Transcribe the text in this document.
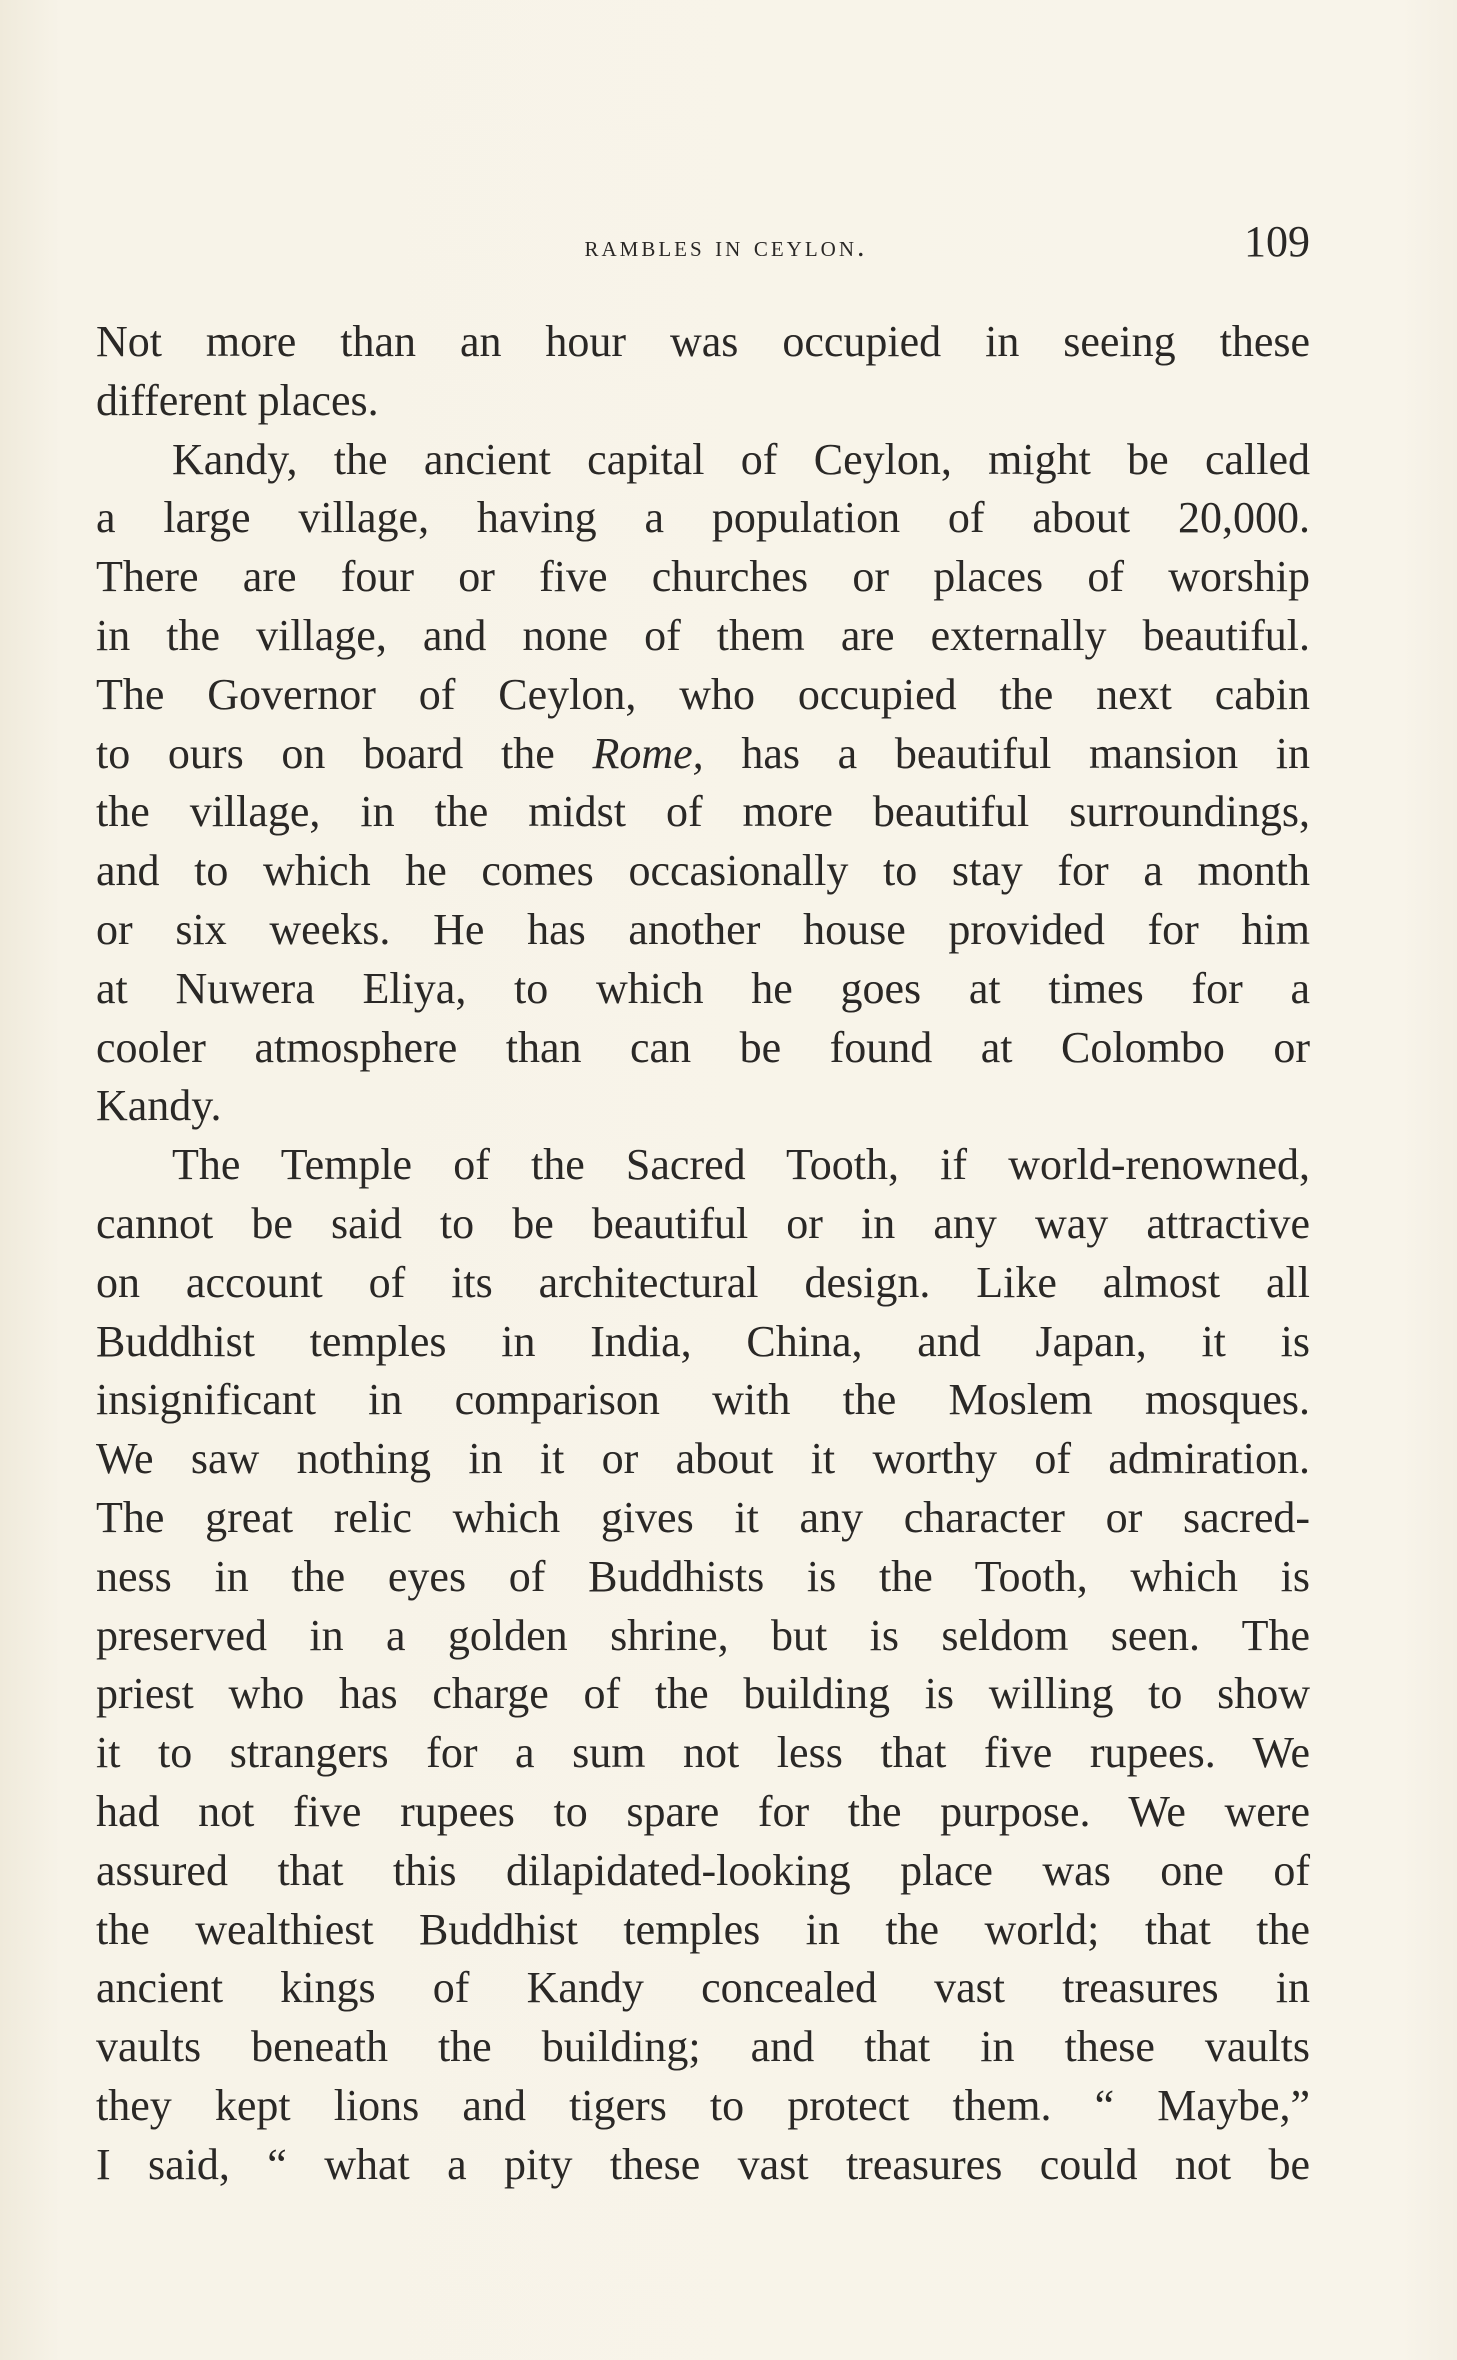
rambles in ceylon.	109
Not more than an hour was occupied in seeing these
different places.
Kandy, the ancient capital of Ceylon, might be called
a large village, having a population of about 20,000.
There are four or five churches or places of worship
in the village, and none of them are externally beautiful.
The Governor of Ceylon, who occupied the next cabin
to ours on board the Rome, has a beautiful mansion in
the village, in the midst of more beautiful surroundings,
and to which he comes occasionally to stay for a month
or six weeks. He has another house provided for him
at Nuwera Eliya, to which he goes at times for a
cooler atmosphere than can be found at Colombo or
Kandy.
The Temple of the Sacred Tooth, if world-renowned,
cannot be said to be beautiful or in any way attractive
on account of its architectural design. Like almost all
Buddhist temples in India, China, and Japan, it is
insignificant in comparison with the Moslem mosques.
We saw nothing in it or about it worthy of admiration.
The great relic which gives it any character or sacred-
ness in the eyes of Buddhists is the Tooth, which is
preserved in a golden shrine, but is seldom seen. The
priest who has charge of the building is willing to show
it to strangers for a sum not less that five rupees. We
had not five rupees to spare for the purpose. We were
assured that this dilapidated-looking place was one of
the wealthiest Buddhist temples in the world; that the
ancient kings of Kandy concealed vast treasures in
vaults beneath the building; and that in these vaults
they kept lions and tigers to protect them. “ Maybe,”
I said, “ what a pity these vast treasures could not be
